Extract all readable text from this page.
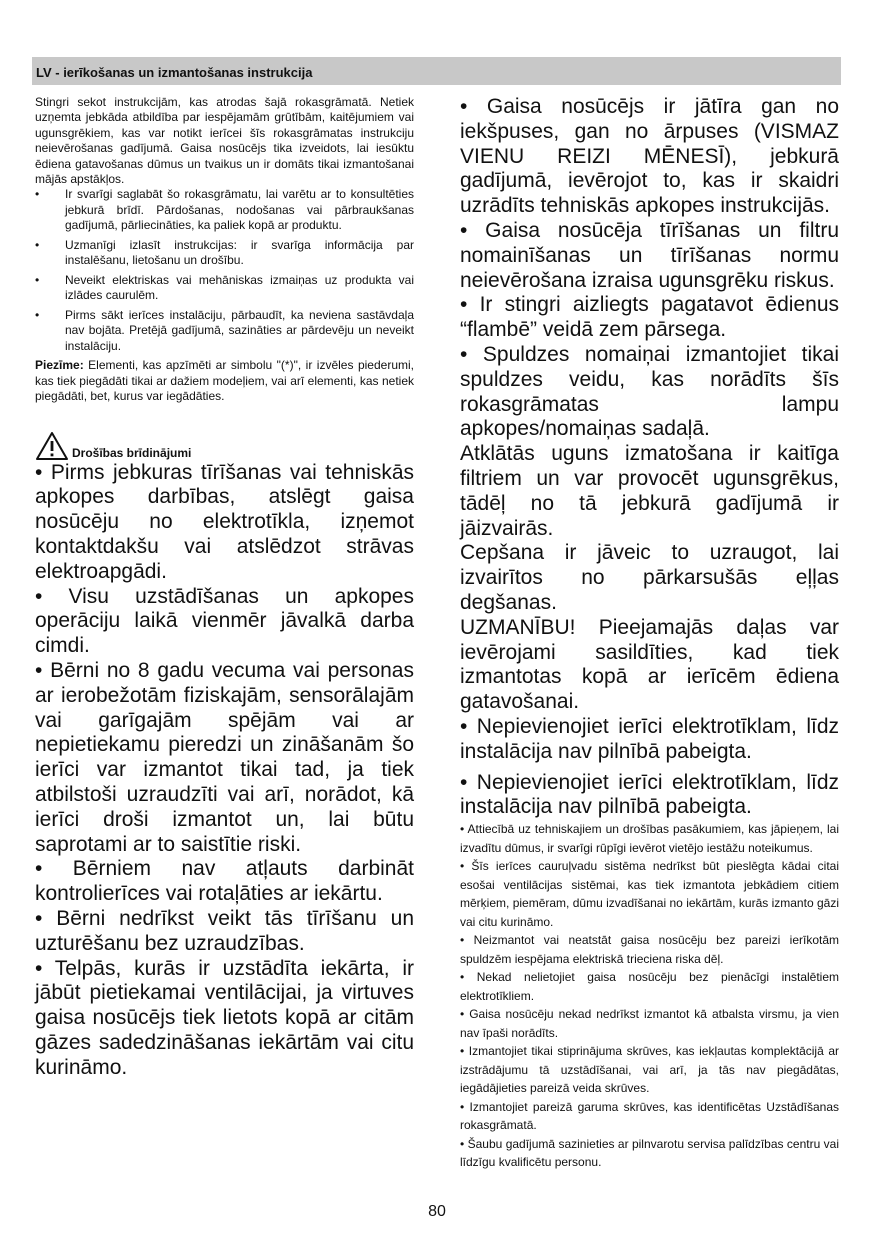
LV - ierīkošanas un izmantošanas instrukcija

Stingri sekot instrukcijām, kas atrodas šajā rokasgrāmatā. Netiek uzņemta jebkāda atbildība par iespējamām grūtībām, kaitējumiem vai ugunsgrēkiem, kas var notikt ierīcei šīs rokasgrāmatas instrukciju neievērošanas gadījumā. Gaisa nosūcējs tika izveidots, lai iesūktu ēdiena gatavošanas dūmus un tvaikus un ir domāts tikai izmantošanai mājās apstākļos.

• Ir svarīgi saglabāt šo rokasgrāmatu, lai varētu ar to konsultēties jebkurā brīdī. Pārdošanas, nodošanas vai pārbraukšanas gadījumā, pārliecināties, ka paliek kopā ar produktu.
• Uzmanīgi izlasīt instrukcijas: ir svarīga informācija par instalēšanu, lietošanu un drošību.
• Neveikt elektriskas vai mehāniskas izmaiņas uz produkta vai izlādes caurulēm.
• Pirms sākt ierīces instalāciju, pārbaudīt, ka neviena sastāvdaļa nav bojāta. Pretējā gadījumā, sazināties ar pārdevēju un neveikt instalāciju.

Piezīme: Elementi, kas apzīmēti ar simbolu "(*)", ir izvēles piederumi, kas tiek piegādāti tikai ar dažiem modeļiem, vai arī elementi, kas netiek piegādāti, bet, kurus var iegādāties.

Drošības brīdinājumi

• Pirms jebkuras tīrīšanas vai tehniskās apkopes darbības, atslēgt gaisa nosūcēju no elektrotīkla, izņemot kontaktdakšu vai atslēdzot strāvas elektroapgādi.

• Visu uzstādīšanas un apkopes operāciju laikā vienmēr jāvalkā darba cimdi.

• Bērni no 8 gadu vecuma vai personas ar ierobežotām fiziskajām, sensorālajām vai garīgajām spējām vai ar nepietiekamu pieredzi un zināšanām šo ierīci var izmantot tikai tad, ja tiek atbilstoši uzraudzīti vai arī, norādot, kā ierīci droši izmantot un, lai būtu saprotami ar to saistītie riski.

• Bērniem nav atļauts darbināt kontrolierīces vai rotaļāties ar iekārtu.

• Bērni nedrīkst veikt tās tīrīšanu un uzturēšanu bez uzraudzības.

• Telpās, kurās ir uzstādīta iekārta, ir jābūt pietiekamai ventilācijai, ja virtuves gaisa nosūcējs tiek lietots kopā ar citām gāzes sadedzināšanas iekārtām vai citu kurināmo.

• Gaisa nosūcējs ir jātīra gan no iekšpuses, gan no ārpuses (VISMAZ VIENU REIZI MĒNESĪ), jebkurā gadījumā, ievērojot to, kas ir skaidri uzrādīts tehniskās apkopes instrukcijās.

• Gaisa nosūcēja tīrīšanas un filtru nomainīšanas un tīrīšanas normu neievērošana izraisa ugunsgrēku riskus.

• Ir stingri aizliegts pagatavot ēdienus “flambē” veidā zem pārsega.

• Spuldzes nomaiņai izmantojiet tikai spuldzes veidu, kas norādīts šīs rokasgrāmatas lampu apkopes/nomaiņas sadaļā.

Atklātās uguns izmatošana ir kaitīga filtriem un var provocēt ugunsgrēkus, tādēļ no tā jebkurā gadījumā ir jāizvairās.

Cepšana ir jāveic to uzraugot, lai izvairītos no pārkarsušās eļļas degšanas.

UZMANĪBU! Pieejamajās daļas var ievērojami sasildīties, kad tiek izmantotas kopā ar ierīcēm ēdiena gatavošanai.

• Nepievienojiet ierīci elektrotīklam, līdz instalācija nav pilnībā pabeigta.

• Nepievienojiet ierīci elektrotīklam, līdz instalācija nav pilnībā pabeigta.

• Attiecībā uz tehniskajiem un drošības pasākumiem, kas jāpieņem, lai izvadītu dūmus, ir svarīgi rūpīgi ievērot vietējo iestāžu noteikumus.

• Šīs ierīces cauruļvadu sistēma nedrīkst būt pieslēgta kādai citai esošai ventilācijas sistēmai, kas tiek izmantota jebkādiem citiem mērķiem, piemēram, dūmu izvadīšanai no iekārtām, kurās izmanto gāzi vai citu kurināmo.

• Neizmantot vai neatstāt gaisa nosūcēju bez pareizi ierīkotām spuldzēm iespējama elektriskā trieciena riska dēļ.

• Nekad nelietojiet gaisa nosūcēju bez pienācīgi instalētiem elektrotīkliem.

• Gaisa nosūcēju nekad nedrīkst izmantot kā atbalsta virsmu, ja vien nav īpaši norādīts.

• Izmantojiet tikai stiprinājuma skrūves, kas iekļautas komplektācijā ar izstrādājumu tā uzstādīšanai, vai arī, ja tās nav piegādātas, iegādājieties pareizā veida skrūves.

• Izmantojiet pareizā garuma skrūves, kas identificētas Uzstādīšanas rokasgrāmatā.

• Šaubu gadījumā sazinieties ar pilnvarotu servisa palīdzības centru vai līdzīgu kvalificētu personu.

80
